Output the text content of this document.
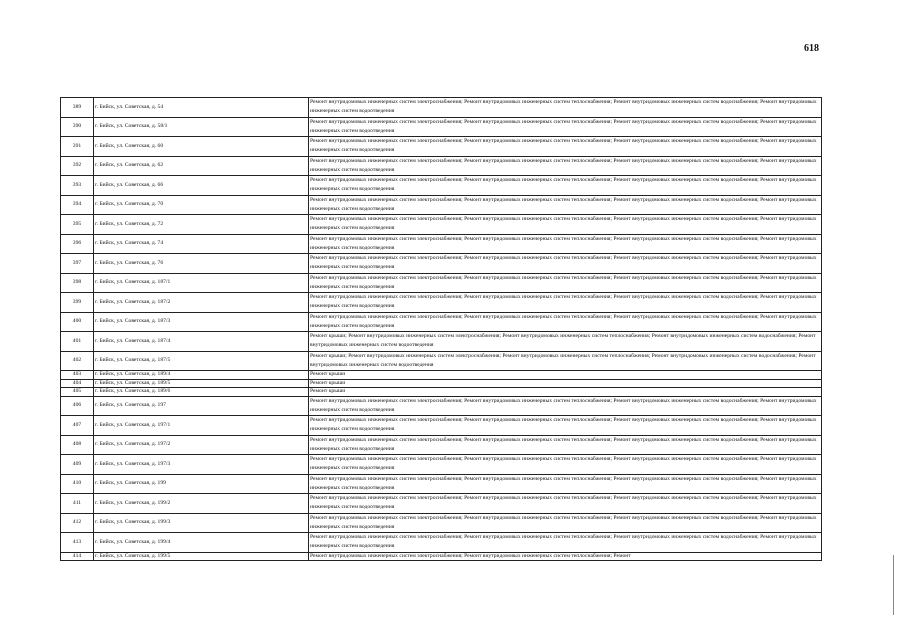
618
389	г. Бийск, ул. Советская, д. 54	Ремонт внутридомовых инженерных систем электроснабжения; Ремонт внутридомовых инженерных систем теплоснабжения; Ремонт внутридомовых инженерных систем водоснабжения; Ремонт внутридомовых инженерных систем водоотведения
390	г. Бийск, ул. Советская, д. 58/1	Ремонт внутридомовых инженерных систем электроснабжения; Ремонт внутридомовых инженерных систем теплоснабжения; Ремонт внутридомовых инженерных систем водоснабжения; Ремонт внутридомовых инженерных систем водоотведения
391	г. Бийск, ул. Советская, д. 60	Ремонт внутридомовых инженерных систем электроснабжения; Ремонт внутридомовых инженерных систем теплоснабжения; Ремонт внутридомовых инженерных систем водоснабжения; Ремонт внутридомовых инженерных систем водоотведения
392	г. Бийск, ул. Советская, д. 62	Ремонт внутридомовых инженерных систем электроснабжения; Ремонт внутридомовых инженерных систем теплоснабжения; Ремонт внутридомовых инженерных систем водоснабжения; Ремонт внутридомовых инженерных систем водоотведения
393	г. Бийск, ул. Советская, д. 66	Ремонт внутридомовых инженерных систем электроснабжения; Ремонт внутридомовых инженерных систем теплоснабжения; Ремонт внутридомовых инженерных систем водоснабжения; Ремонт внутридомовых инженерных систем водоотведения
394	г. Бийск, ул. Советская, д. 70	Ремонт внутридомовых инженерных систем электроснабжения; Ремонт внутридомовых инженерных систем теплоснабжения; Ремонт внутридомовых инженерных систем водоснабжения; Ремонт внутридомовых инженерных систем водоотведения
395	г. Бийск, ул. Советская, д. 72	Ремонт внутридомовых инженерных систем электроснабжения; Ремонт внутридомовых инженерных систем теплоснабжения; Ремонт внутридомовых инженерных систем водоснабжения; Ремонт внутридомовых инженерных систем водоотведения
396	г. Бийск, ул. Советская, д. 74	Ремонт внутридомовых инженерных систем электроснабжения; Ремонт внутридомовых инженерных систем теплоснабжения; Ремонт внутридомовых инженерных систем водоснабжения; Ремонт внутридомовых инженерных систем водоотведения
397	г. Бийск, ул. Советская, д. 76	Ремонт внутридомовых инженерных систем электроснабжения; Ремонт внутридомовых инженерных систем теплоснабжения; Ремонт внутридомовых инженерных систем водоснабжения; Ремонт внутридомовых инженерных систем водоотведения
398	г. Бийск, ул. Советская, д. 187/1	Ремонт внутридомовых инженерных систем электроснабжения; Ремонт внутридомовых инженерных систем теплоснабжения; Ремонт внутридомовых инженерных систем водоснабжения; Ремонт внутридомовых инженерных систем водоотведения
399	г. Бийск, ул. Советская, д. 187/2	Ремонт внутридомовых инженерных систем электроснабжения; Ремонт внутридомовых инженерных систем теплоснабжения; Ремонт внутридомовых инженерных систем водоснабжения; Ремонт внутридомовых инженерных систем водоотведения
400	г. Бийск, ул. Советская, д. 187/3	Ремонт внутридомовых инженерных систем электроснабжения; Ремонт внутридомовых инженерных систем теплоснабжения; Ремонт внутридомовых инженерных систем водоснабжения; Ремонт внутридомовых инженерных систем водоотведения
401	г. Бийск, ул. Советская, д. 187/4	Ремонт крыши; Ремонт внутридомовых инженерных систем электроснабжения; Ремонт внутридомовых инженерных систем теплоснабжения; Ремонт внутридомовых инженерных систем водоснабжения; Ремонт внутридомовых инженерных систем водоотведения
402	г. Бийск, ул. Советская, д. 187/5	Ремонт крыши; Ремонт внутридомовых инженерных систем электроснабжения; Ремонт внутридомовых инженерных систем теплоснабжения; Ремонт внутридомовых инженерных систем водоснабжения; Ремонт внутридомовых инженерных систем водоотведения
403	г. Бийск, ул. Советская, д. 189/4	Ремонт крыши
404	г. Бийск, ул. Советская, д. 189/5	Ремонт крыши
405	г. Бийск, ул. Советская, д. 189/6	Ремонт крыши
406	г. Бийск, ул. Советская, д. 197	Ремонт внутридомовых инженерных систем электроснабжения; Ремонт внутридомовых инженерных систем теплоснабжения; Ремонт внутридомовых инженерных систем водоснабжения; Ремонт внутридомовых инженерных систем водоотведения
407	г. Бийск, ул. Советская, д. 197/1	Ремонт внутридомовых инженерных систем электроснабжения; Ремонт внутридомовых инженерных систем теплоснабжения; Ремонт внутридомовых инженерных систем водоснабжения; Ремонт внутридомовых инженерных систем водоотведения
408	г. Бийск, ул. Советская, д. 197/2	Ремонт внутридомовых инженерных систем электроснабжения; Ремонт внутридомовых инженерных систем теплоснабжения; Ремонт внутридомовых инженерных систем водоснабжения; Ремонт внутридомовых инженерных систем водоотведения
409	г. Бийск, ул. Советская, д. 197/3	Ремонт внутридомовых инженерных систем электроснабжения; Ремонт внутридомовых инженерных систем теплоснабжения; Ремонт внутридомовых инженерных систем водоснабжения; Ремонт внутридомовых инженерных систем водоотведения
410	г. Бийск, ул. Советская, д. 199	Ремонт внутридомовых инженерных систем электроснабжения; Ремонт внутридомовых инженерных систем теплоснабжения; Ремонт внутридомовых инженерных систем водоснабжения; Ремонт внутридомовых инженерных систем водоотведения
411	г. Бийск, ул. Советская, д. 199/2	Ремонт внутридомовых инженерных систем электроснабжения; Ремонт внутридомовых инженерных систем теплоснабжения; Ремонт внутридомовых инженерных систем водоснабжения; Ремонт внутридомовых инженерных систем водоотведения
412	г. Бийск, ул. Советская, д. 199/3	Ремонт внутридомовых инженерных систем электроснабжения; Ремонт внутридомовых инженерных систем теплоснабжения; Ремонт внутридомовых инженерных систем водоснабжения; Ремонт внутридомовых инженерных систем водоотведения
413	г. Бийск, ул. Советская, д. 199/4	Ремонт внутридомовых инженерных систем электроснабжения; Ремонт внутридомовых инженерных систем теплоснабжения; Ремонт внутридомовых инженерных систем водоснабжения; Ремонт внутридомовых инженерных систем водоотведения
414	г. Бийск, ул. Советская, д. 199/5	Ремонт внутридомовых инженерных систем электроснабжения; Ремонт внутридомовых инженерных систем теплоснабжения; Ремонт
